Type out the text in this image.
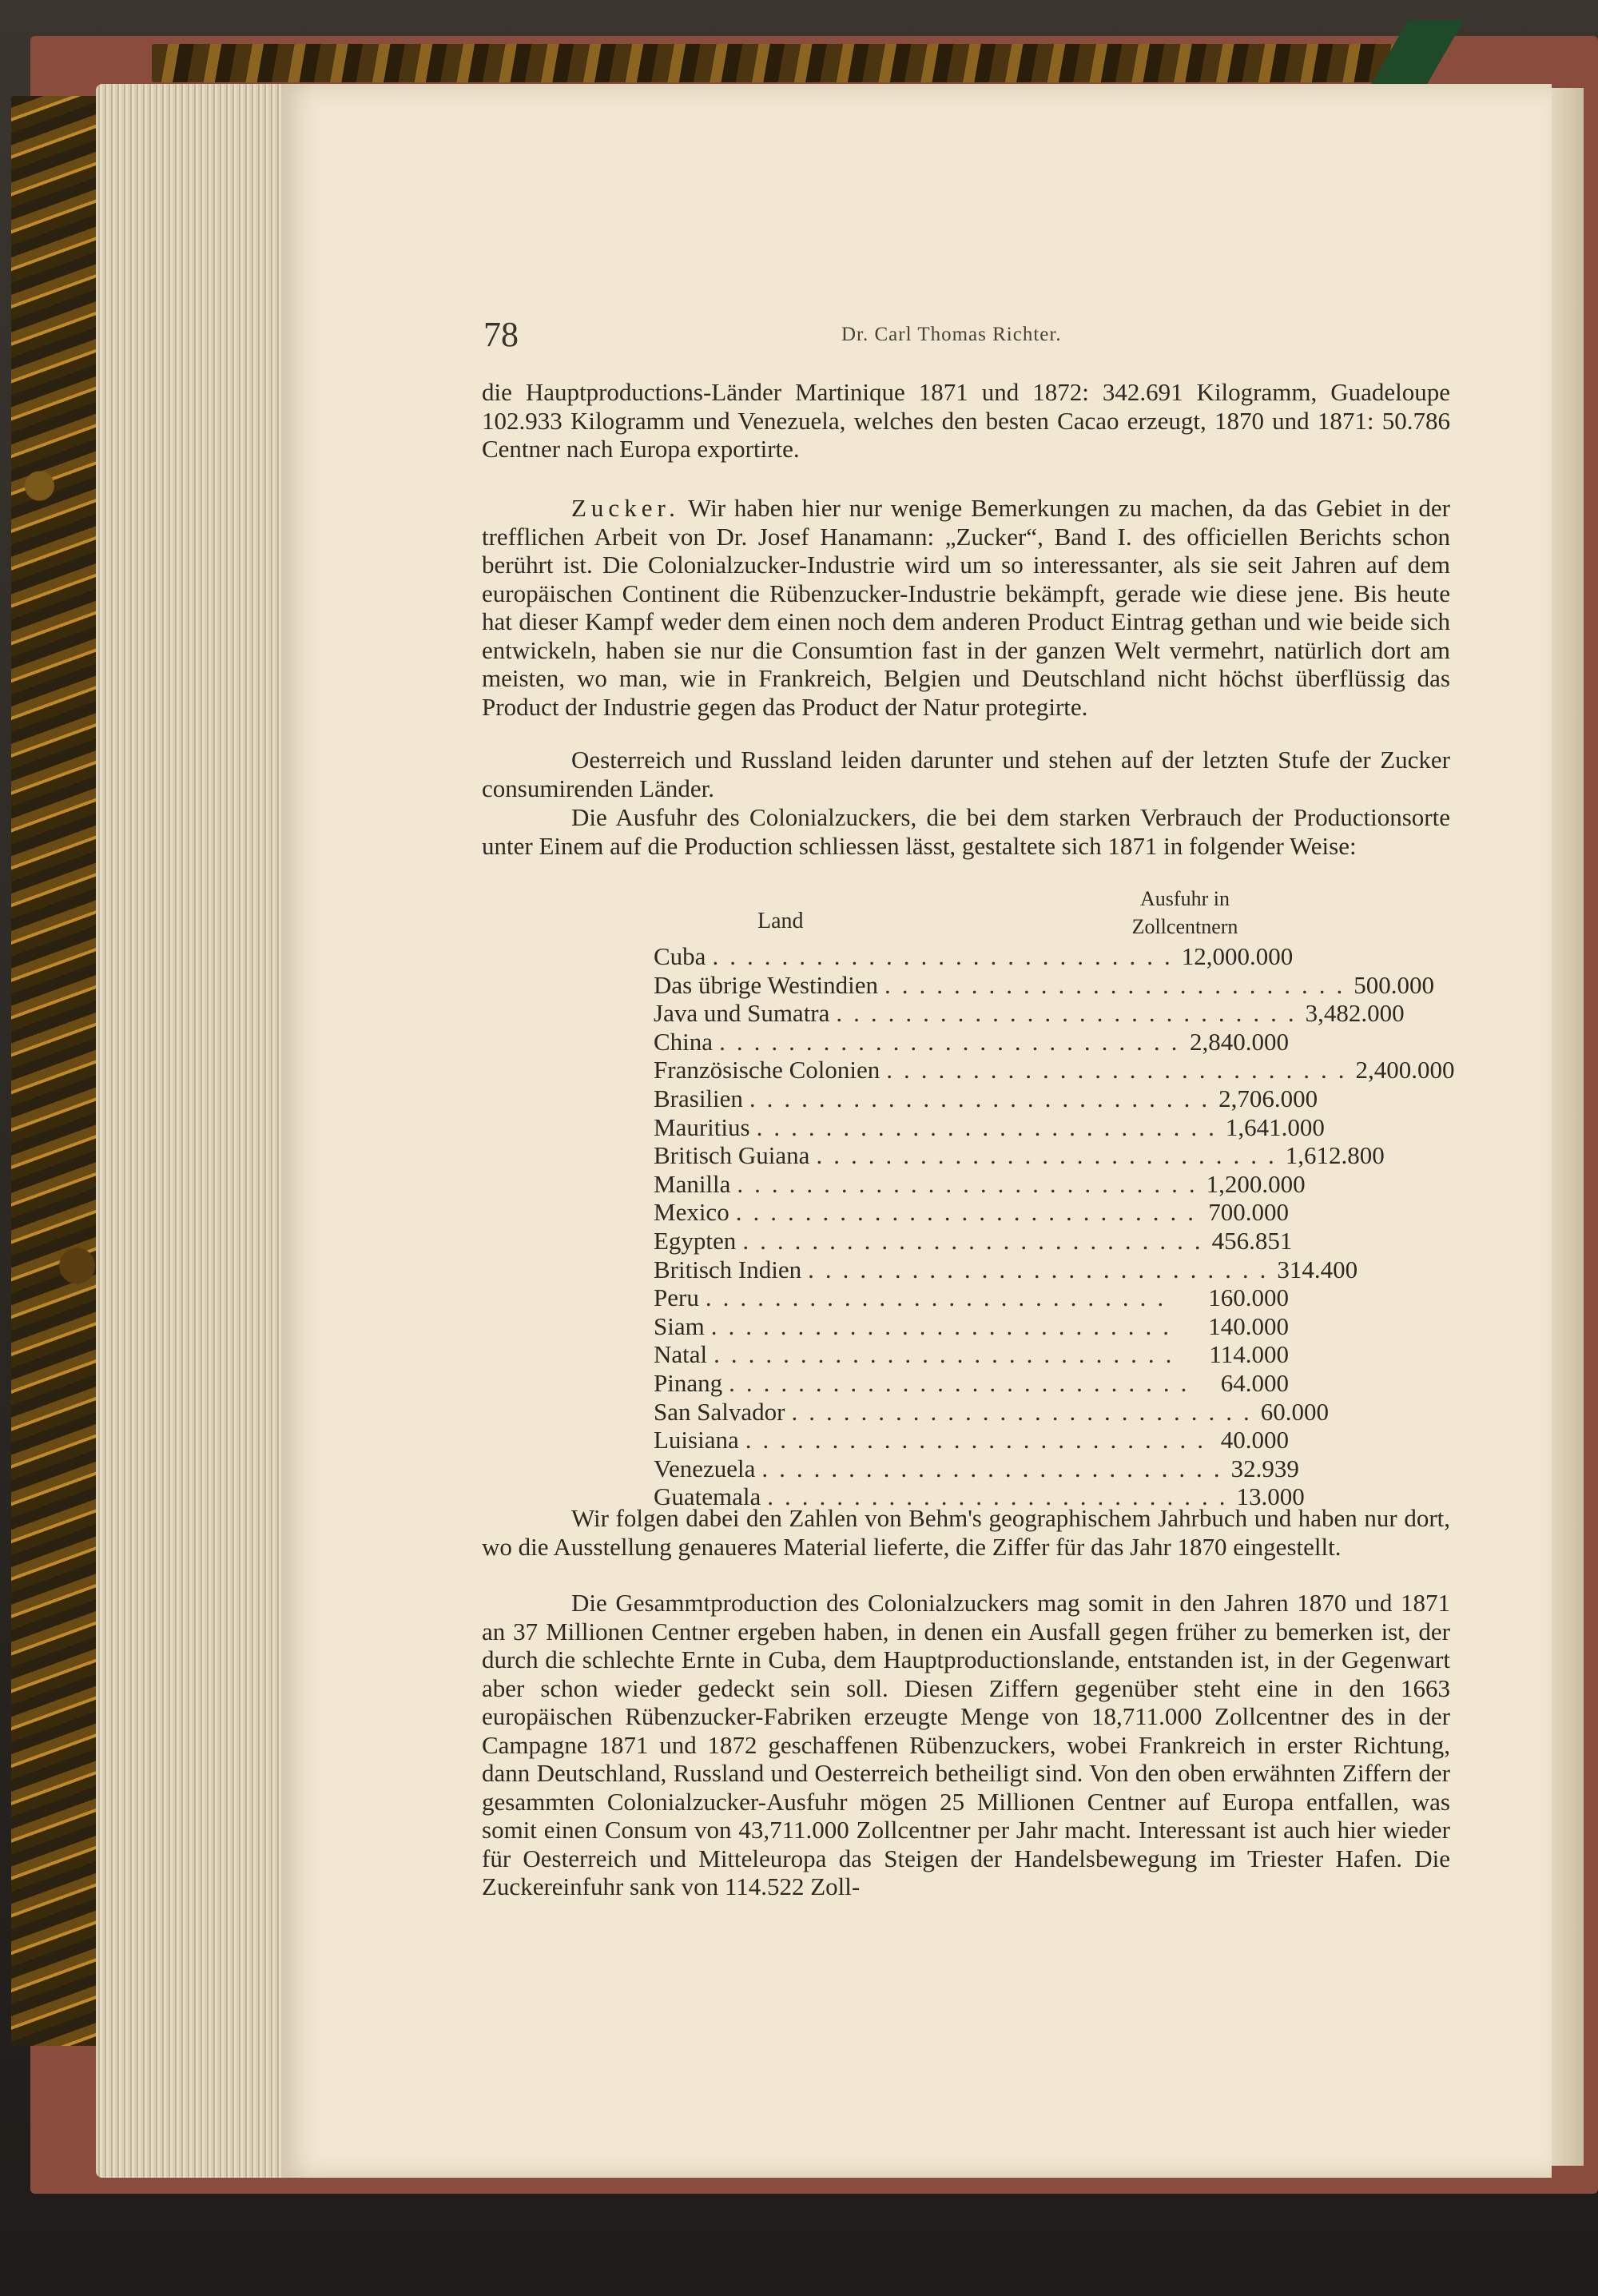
78	Dr. Carl Thomas Richter.

die Hauptproductions-Länder Martinique 1871 und 1872: 342.691 Kilogramm, Guadeloupe 102.933 Kilogramm und Venezuela, welches den besten Cacao erzeugt, 1870 und 1871: 50.786 Centner nach Europa exportirte.

Zucker. Wir haben hier nur wenige Bemerkungen zu machen, da das Gebiet in der trefflichen Arbeit von Dr. Josef Hanamann: „Zucker“, Band I. des officiellen Berichts schon berührt ist. Die Colonialzucker-Industrie wird um so interessanter, als sie seit Jahren auf dem europäischen Continent die Rübenzucker-Industrie bekämpft, gerade wie diese jene. Bis heute hat dieser Kampf weder dem einen noch dem anderen Product Eintrag gethan und wie beide sich entwickeln, haben sie nur die Consumtion fast in der ganzen Welt vermehrt, natürlich dort am meisten, wo man, wie in Frankreich, Belgien und Deutschland nicht höchst überflüssig das Product der Industrie gegen das Product der Natur protegirte.

Oesterreich und Russland leiden darunter und stehen auf der letzten Stufe der Zucker consumirenden Länder.

Die Ausfuhr des Colonialzuckers, die bei dem starken Verbrauch der Productionsorte unter Einem auf die Production schliessen lässt, gestaltete sich 1871 in folgender Weise:

Land
Ausfuhr in
Zollcentnern
Cuba ........................... 12,000.000
Das übrige Westindien ........................... 500.000
Java und Sumatra ........................... 3,482.000
China ........................... 2,840.000
Französische Colonien ........................... 2,400.000
Brasilien ........................... 2,706.000
Mauritius ........................... 1,641.000
Britisch Guiana ........................... 1,612.800
Manilla ........................... 1,200.000
Mexico ........................... 700.000
Egypten ........................... 456.851
Britisch Indien ........................... 314.400
Peru ...........................	160.000
Siam ...........................	140.000
Natal ...........................	114.000
Pinang ........................... 64.000
San Salvador ........................... 60.000
Luisiana ........................... 40.000
Venezuela ........................... 32.939
Guatemala ........................... 13.000

Wir folgen dabei den Zahlen von Behm's geographischem Jahrbuch und haben nur dort, wo die Ausstellung genaueres Material lieferte, die Ziffer für das Jahr 1870 eingestellt.

Die Gesammtproduction des Colonialzuckers mag somit in den Jahren 1870 und 1871 an 37 Millionen Centner ergeben haben, in denen ein Ausfall gegen früher zu bemerken ist, der durch die schlechte Ernte in Cuba, dem Hauptproductionslande, entstanden ist, in der Gegenwart aber schon wieder gedeckt sein soll. Diesen Ziffern gegenüber steht eine in den 1663 europäischen Rübenzucker-Fabriken erzeugte Menge von 18,711.000 Zollcentner des in der Campagne 1871 und 1872 geschaffenen Rübenzuckers, wobei Frankreich in erster Richtung, dann Deutschland, Russland und Oesterreich betheiligt sind. Von den oben erwähnten Ziffern der gesammten Colonialzucker-Ausfuhr mögen 25 Millionen Centner auf Europa entfallen, was somit einen Consum von 43,711.000 Zollcentner per Jahr macht. Interessant ist auch hier wieder für Oesterreich und Mitteleuropa das Steigen der Handelsbewegung im Triester Hafen. Die Zuckereinfuhr sank von 114.522 Zoll-
